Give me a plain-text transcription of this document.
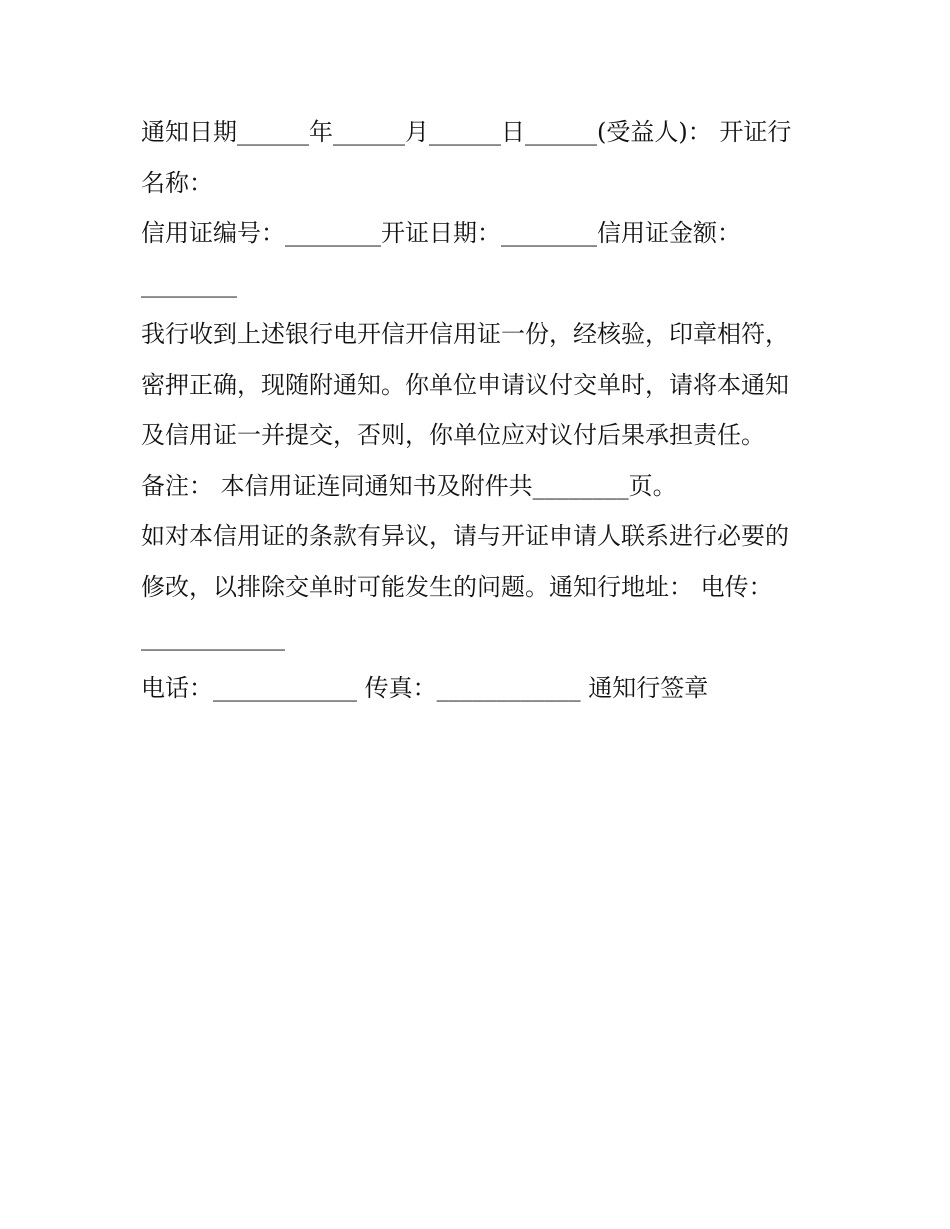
通知日期______年______月______日______(受益人)： 开证行
名称：
信用证编号：________开证日期：________信用证金额：
________
我行收到上述银行电开信开信用证一份，经核验，印章相符，
密押正确，现随附通知。你单位申请议付交单时，请将本通知
及信用证一并提交，否则，你单位应对议付后果承担责任。
备注： 本信用证连同通知书及附件共________页。
如对本信用证的条款有异议，请与开证申请人联系进行必要的
修改，以排除交单时可能发生的问题。通知行地址： 电传：
____________
电话：____________ 传真：____________ 通知行签章
